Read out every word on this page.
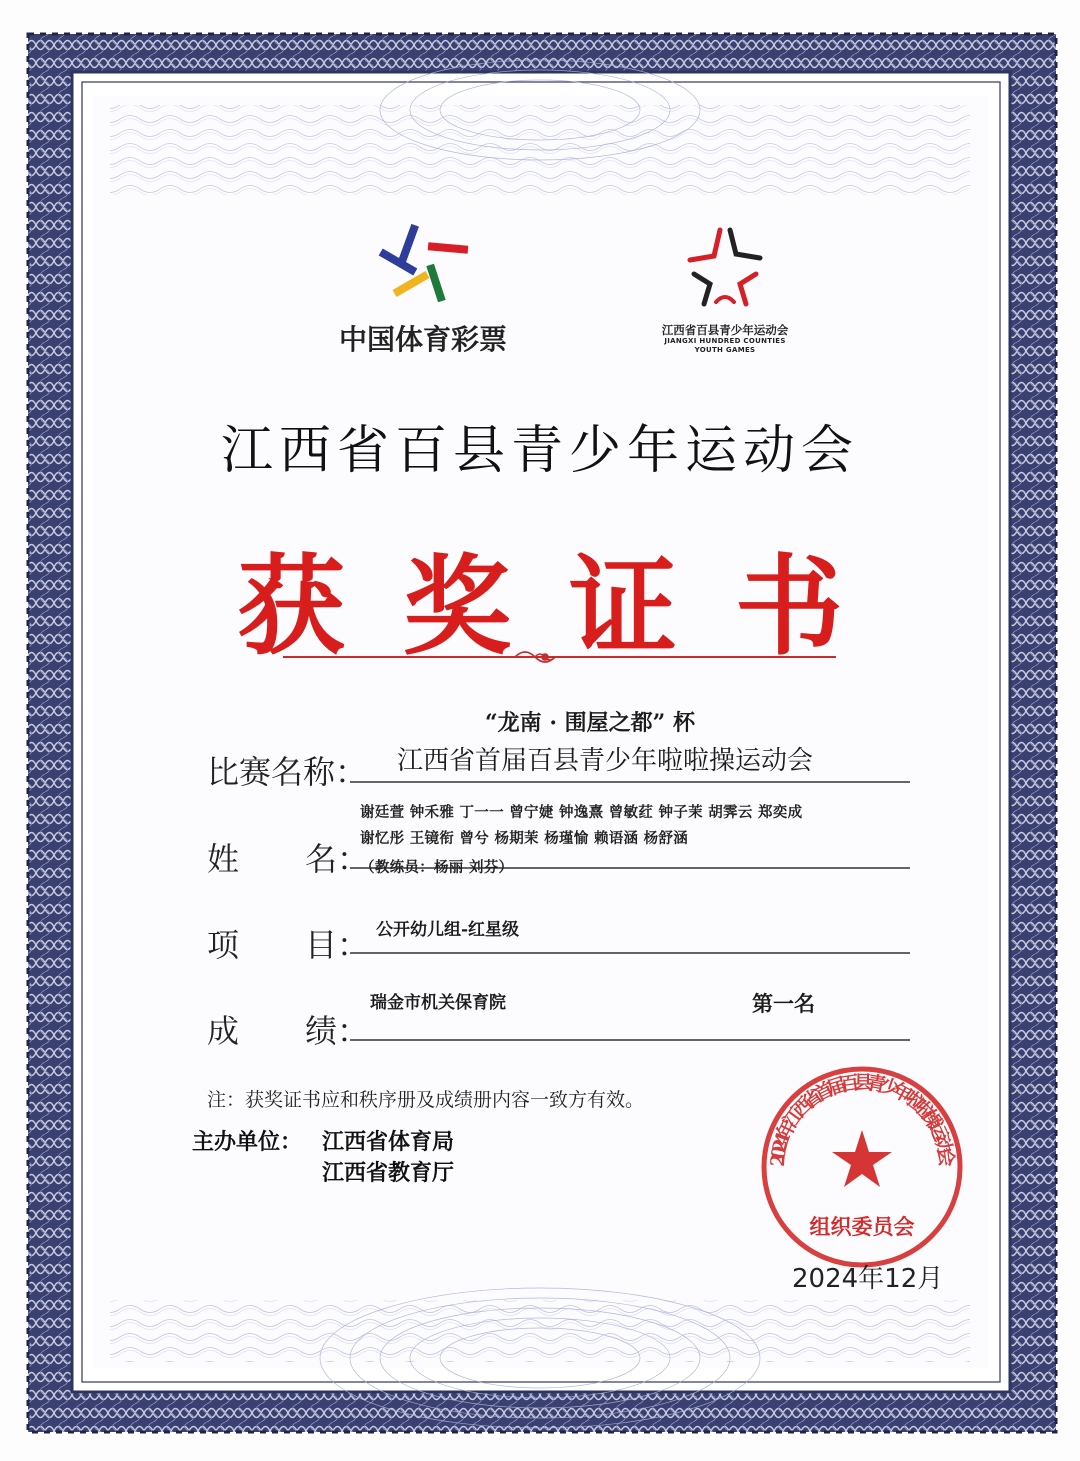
中国体育彩票	江西省百县青少年运动会
JIANGXI HUNDRED COUNTIES
YOUTH GAMES
江西省百县青少年运动会
获奖证书
比赛名称：
“龙南 · 围屋之都” 杯
江西省首届百县青少年啦啦操运动会
姓 名：
谢廷萱 钟禾雅 丁一一 曾宁婕 钟逸熹 曾敏荭 钟子茉 胡霁云 郑奕成
谢忆彤 王镜衔 曾兮 杨期茉 杨瑾愉 赖语涵 杨舒涵
（教练员：杨丽 刘芬）
项 目： 公开幼儿组-红星级
成 绩：
瑞金市机关保育院	第一名
注：获奖证书应和秩序册及成绩册内容一致方有效。
主办单位： 江西省体育局
江西省教育厅
2024年江西省首届百县青少年啦啦操运动会
组织委员会
2024年12月
